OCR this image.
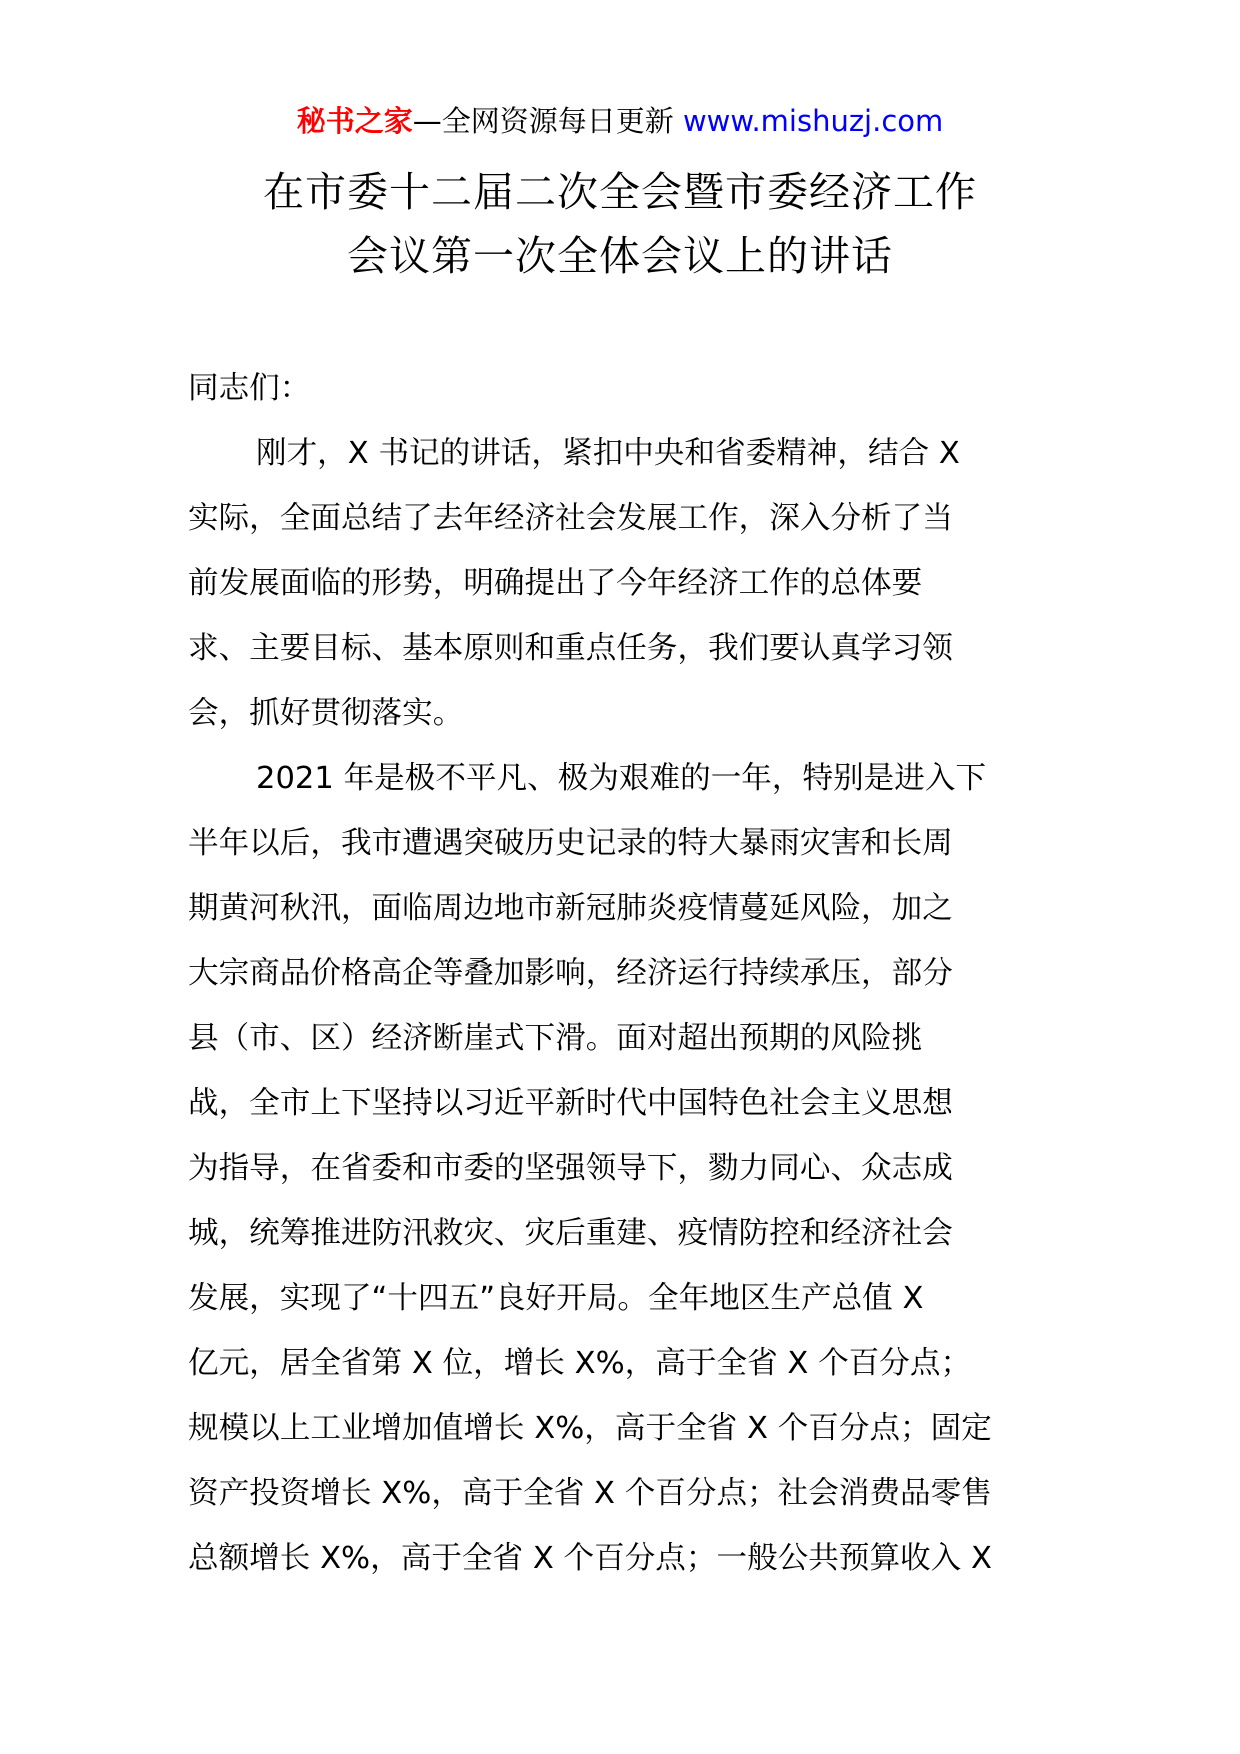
秘书之家—全网资源每日更新 www.mishuzj.com
在市委十二届二次全会暨市委经济工作
会议第一次全体会议上的讲话
同志们：
刚才，X 书记的讲话，紧扣中央和省委精神，结合 X
实际，全面总结了去年经济社会发展工作，深入分析了当
前发展面临的形势，明确提出了今年经济工作的总体要
求、主要目标、基本原则和重点任务，我们要认真学习领
会，抓好贯彻落实。
2021 年是极不平凡、极为艰难的一年，特别是进入下
半年以后，我市遭遇突破历史记录的特大暴雨灾害和长周
期黄河秋汛，面临周边地市新冠肺炎疫情蔓延风险，加之
大宗商品价格高企等叠加影响，经济运行持续承压，部分
县（市、区）经济断崖式下滑。面对超出预期的风险挑
战，全市上下坚持以习近平新时代中国特色社会主义思想
为指导，在省委和市委的坚强领导下，勠力同心、众志成
城，统筹推进防汛救灾、灾后重建、疫情防控和经济社会
发展，实现了“十四五”良好开局。全年地区生产总值 X
亿元，居全省第 X 位，增长 X%，高于全省 X 个百分点；
规模以上工业增加值增长 X%，高于全省 X 个百分点；固定
资产投资增长 X%，高于全省 X 个百分点；社会消费品零售
总额增长 X%，高于全省 X 个百分点；一般公共预算收入 X
